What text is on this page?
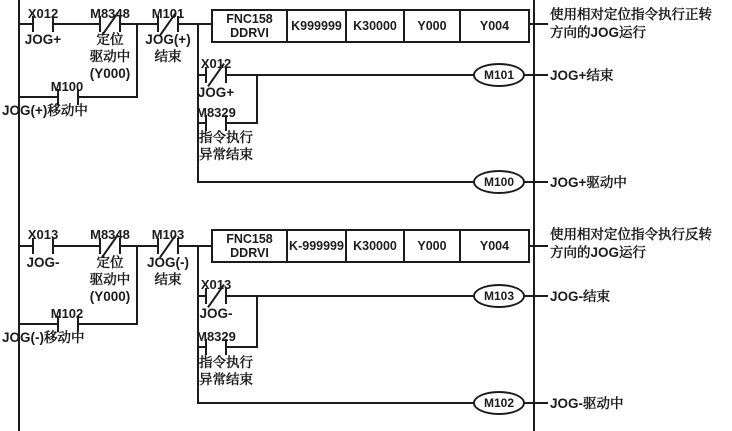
X012 M8348 M101
JOG+	定位
驱动中
(Y000)
JOG(+)
结束
M100
JOG(+)移动中
FNC158
DDRVI	K999999 K30000	Y000	Y004
X012
JOG+
M8329
指令执行
异常结束
M101
M100
使用相对定位指令执行正转
方向的JOG运行
JOG+结束
JOG+驱动中
X013 M8348 M103
JOG-	定位
驱动中
(Y000)
JOG(-)
结束
M102
JOG(-)移动中
FNC158
DDRVI K-999999 K30000	Y000	Y004
X013
JOG-
M8329
指令执行
异常结束
M103
M102
使用相对定位指令执行反转
方向的JOG运行
JOG-结束
JOG-驱动中
